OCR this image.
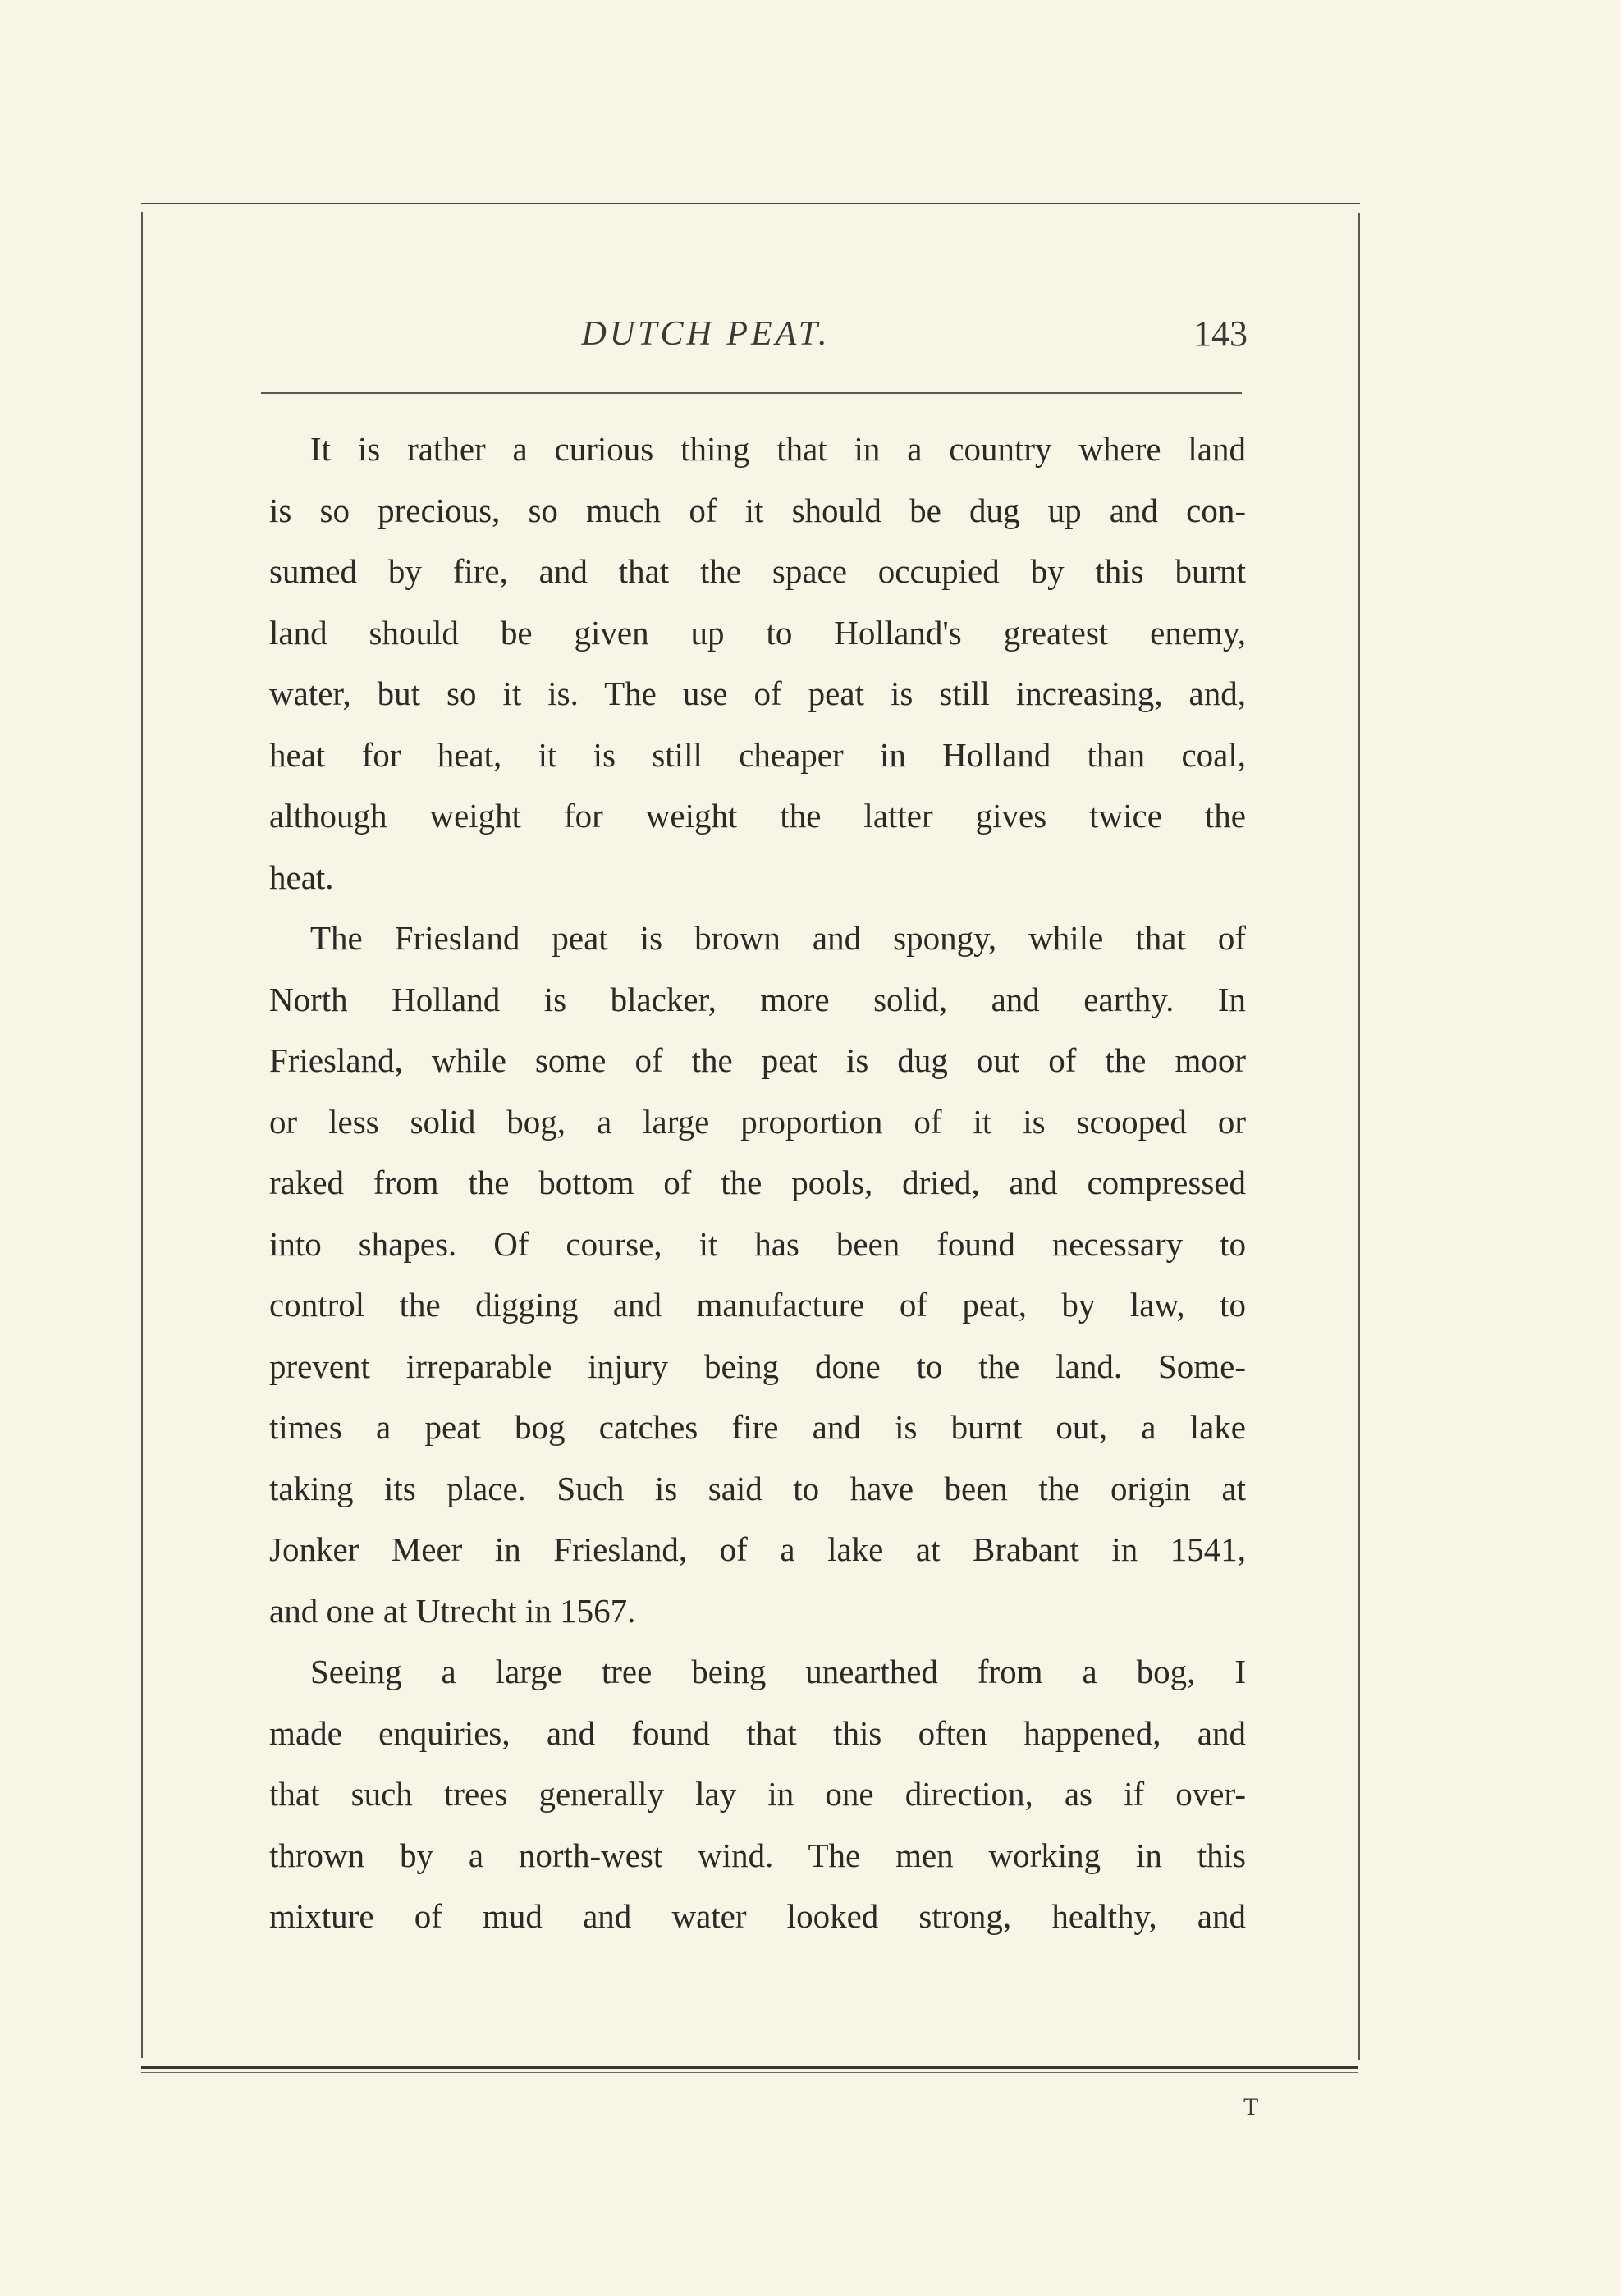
DUTCH PEAT.	143
It is rather a curious thing that in a country where land
is so precious, so much of it should be dug up and con-
sumed by fire, and that the space occupied by this burnt
land should be given up to Holland's greatest enemy,
water, but so it is. The use of peat is still increasing, and,
heat for heat, it is still cheaper in Holland than coal,
although weight for weight the latter gives twice the
heat.
The Friesland peat is brown and spongy, while that of
North Holland is blacker, more solid, and earthy. In
Friesland, while some of the peat is dug out of the moor
or less solid bog, a large proportion of it is scooped or
raked from the bottom of the pools, dried, and compressed
into shapes. Of course, it has been found necessary to
control the digging and manufacture of peat, by law, to
prevent irreparable injury being done to the land. Some-
times a peat bog catches fire and is burnt out, a lake
taking its place. Such is said to have been the origin at
Jonker Meer in Friesland, of a lake at Brabant in 1541,
and one at Utrecht in 1567.
Seeing a large tree being unearthed from a bog, I
made enquiries, and found that this often happened, and
that such trees generally lay in one direction, as if over-
thrown by a north-west wind. The men working in this
mixture of mud and water looked strong, healthy, and
T
